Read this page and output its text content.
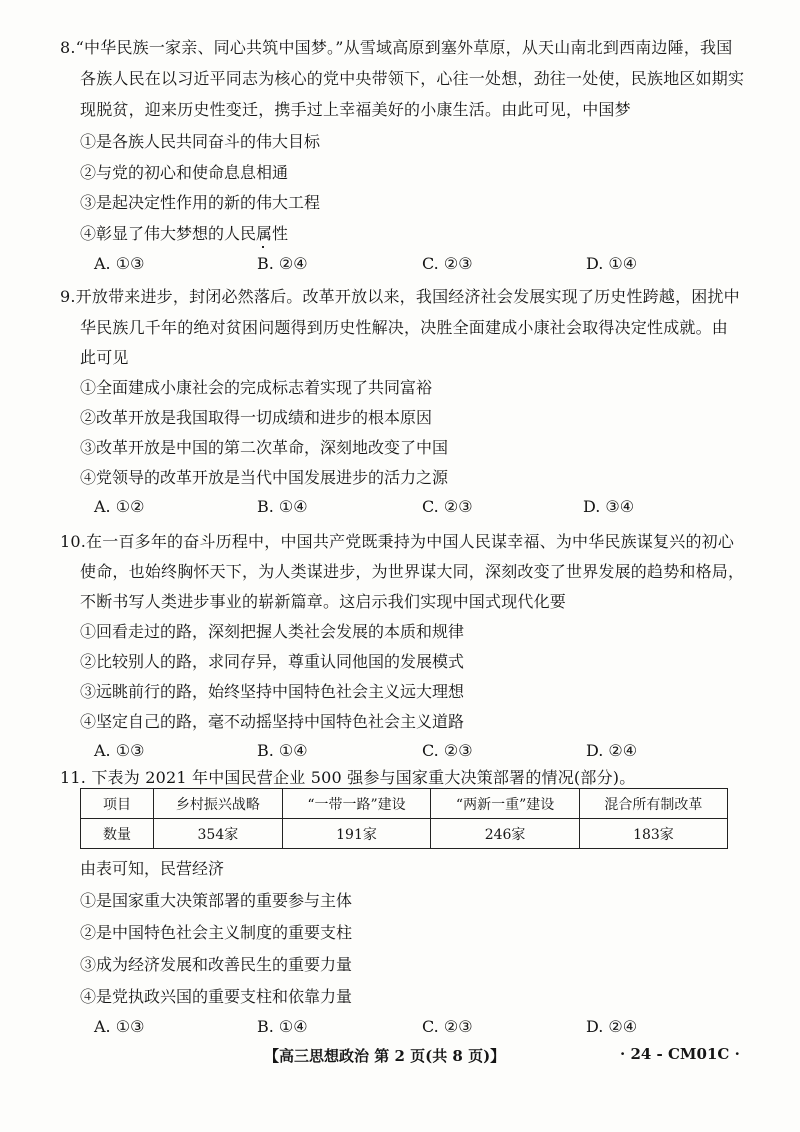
8.“中华民族一家亲、同心共筑中国梦。”从雪域高原到塞外草原，从天山南北到西南边陲，我国
各族人民在以习近平同志为核心的党中央带领下，心往一处想，劲往一处使，民族地区如期实
现脱贫，迎来历史性变迁，携手过上幸福美好的小康生活。由此可见，中国梦
①是各族人民共同奋斗的伟大目标
②与党的初心和使命息息相通
③是起决定性作用的新的伟大工程
④彰显了伟大梦想的人民属性
A. ①③	B. ②④	C. ②③	D. ①④
9.开放带来进步，封闭必然落后。改革开放以来，我国经济社会发展实现了历史性跨越，困扰中
华民族几千年的绝对贫困问题得到历史性解决，决胜全面建成小康社会取得决定性成就。由
此可见
①全面建成小康社会的完成标志着实现了共同富裕
②改革开放是我国取得一切成绩和进步的根本原因
③改革开放是中国的第二次革命，深刻地改变了中国
④党领导的改革开放是当代中国发展进步的活力之源
A. ①②	B. ①④	C. ②③	D. ③④
10.在一百多年的奋斗历程中，中国共产党既秉持为中国人民谋幸福、为中华民族谋复兴的初心
使命，也始终胸怀天下，为人类谋进步，为世界谋大同，深刻改变了世界发展的趋势和格局，
不断书写人类进步事业的崭新篇章。这启示我们实现中国式现代化要
①回看走过的路，深刻把握人类社会发展的本质和规律
②比较别人的路，求同存异，尊重认同他国的发展模式
③远眺前行的路，始终坚持中国特色社会主义远大理想
④坚定自己的路，毫不动摇坚持中国特色社会主义道路
A. ①③	B. ①④	C. ②③	D. ②④
11. 下表为 2021 年中国民营企业 500 强参与国家重大决策部署的情况(部分)。
项目	乡村振兴战略	“一带一路”建设	“两新一重”建设	混合所有制改革
数量	354家	191家	246家	183家
由表可知，民营经济
①是国家重大决策部署的重要参与主体
②是中国特色社会主义制度的重要支柱
③成为经济发展和改善民生的重要力量
④是党执政兴国的重要支柱和依靠力量
A. ①③	B. ①④	C. ②③	D. ②④
【高三思想政治 第 2 页(共 8 页)】	· 24 - CM01C ·
